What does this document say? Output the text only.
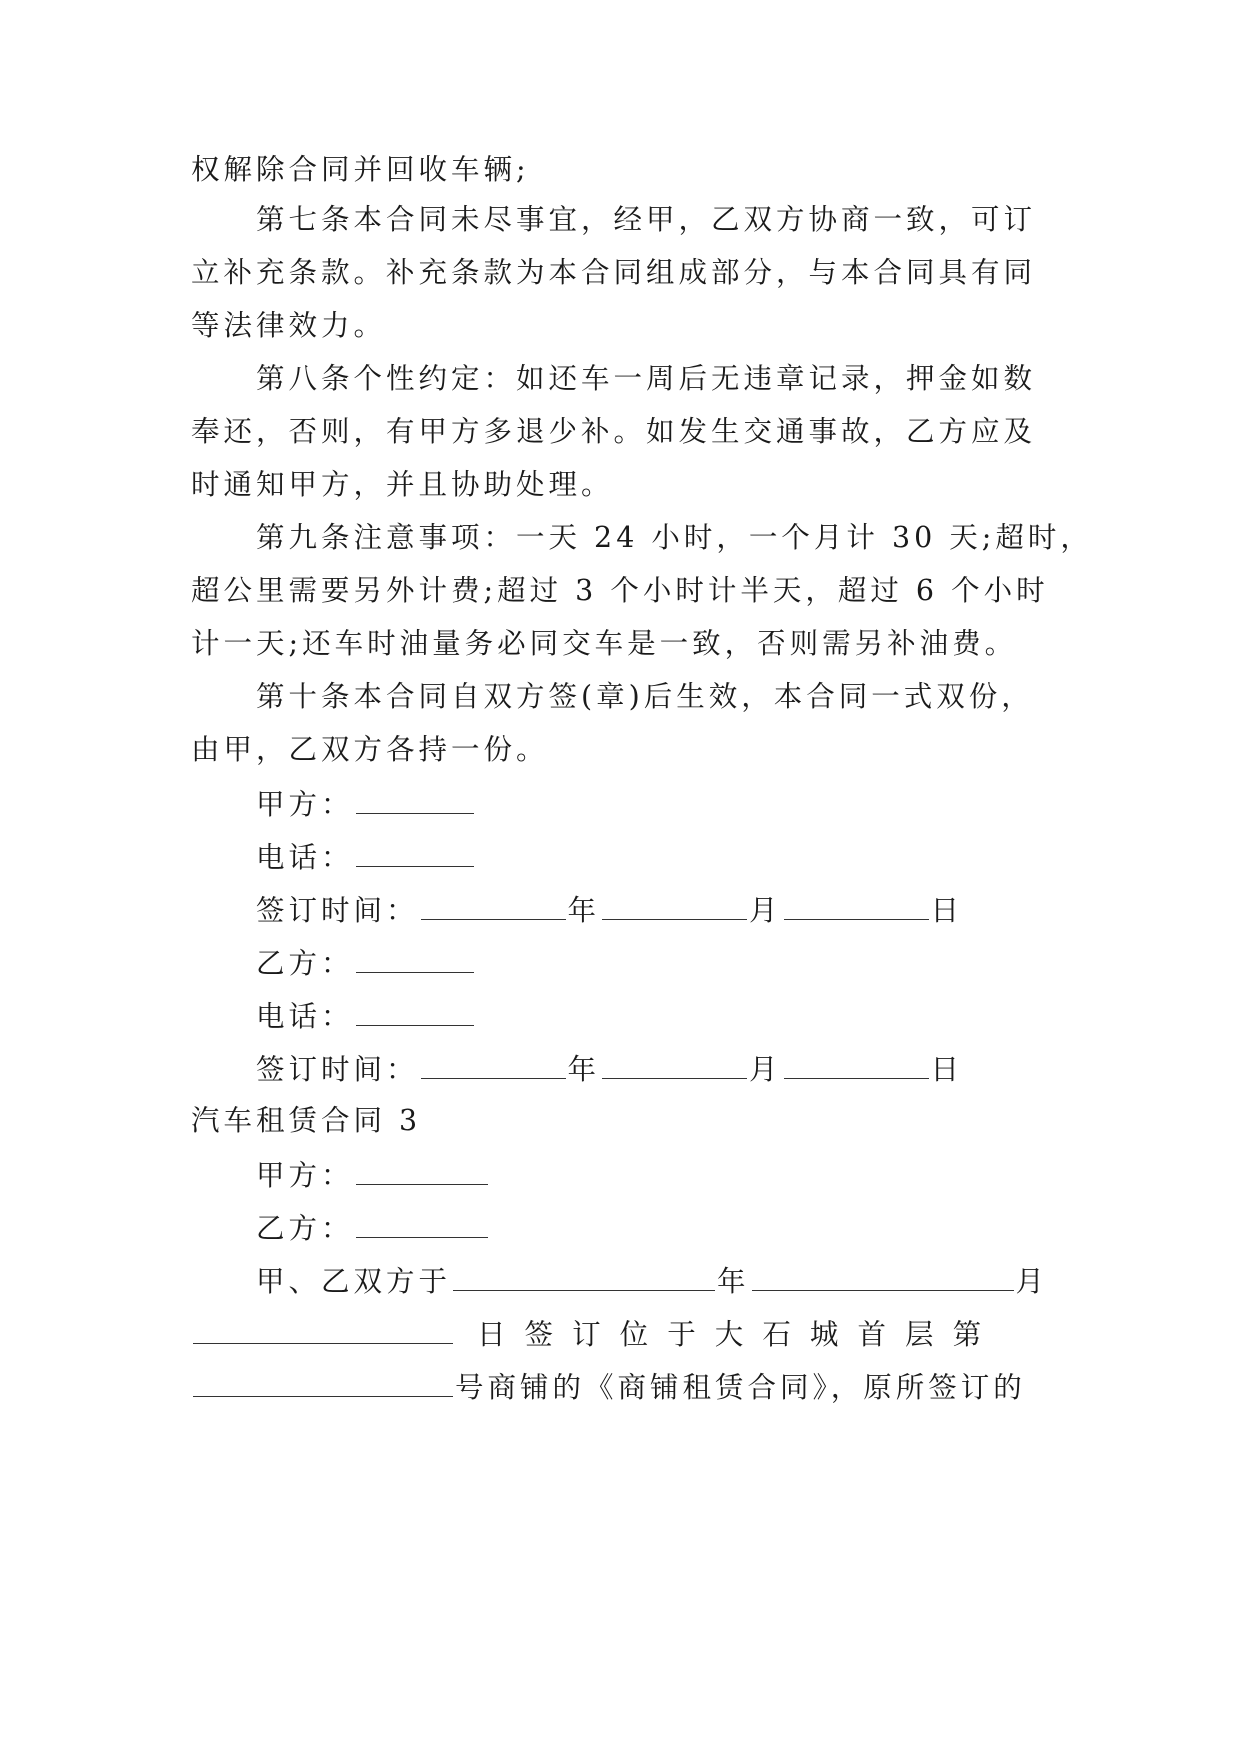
权解除合同并回收车辆;
第七条本合同未尽事宜，经甲，乙双方协商一致，可订
立补充条款。补充条款为本合同组成部分，与本合同具有同
等法律效力。
第八条个性约定：如还车一周后无违章记录，押金如数
奉还，否则，有甲方多退少补。如发生交通事故，乙方应及
时通知甲方，并且协助处理。
第九条注意事项：一天 24 小时，一个月计 30 天;超时，
超公里需要另外计费;超过 3 个小时计半天，超过 6 个小时
计一天;还车时油量务必同交车是一致，否则需另补油费。
第十条本合同自双方签(章)后生效，本合同一式双份，
由甲，乙双方各持一份。
甲方：
电话：
签订时间：	年	月	日
乙方：
电话：
签订时间：	年	月	日
汽车租赁合同 3
甲方：
乙方：
甲、乙双方于	年	月
日 签 订 位 于 大 石 城 首 层 第
号商铺的《商铺租赁合同》，原所签订的
